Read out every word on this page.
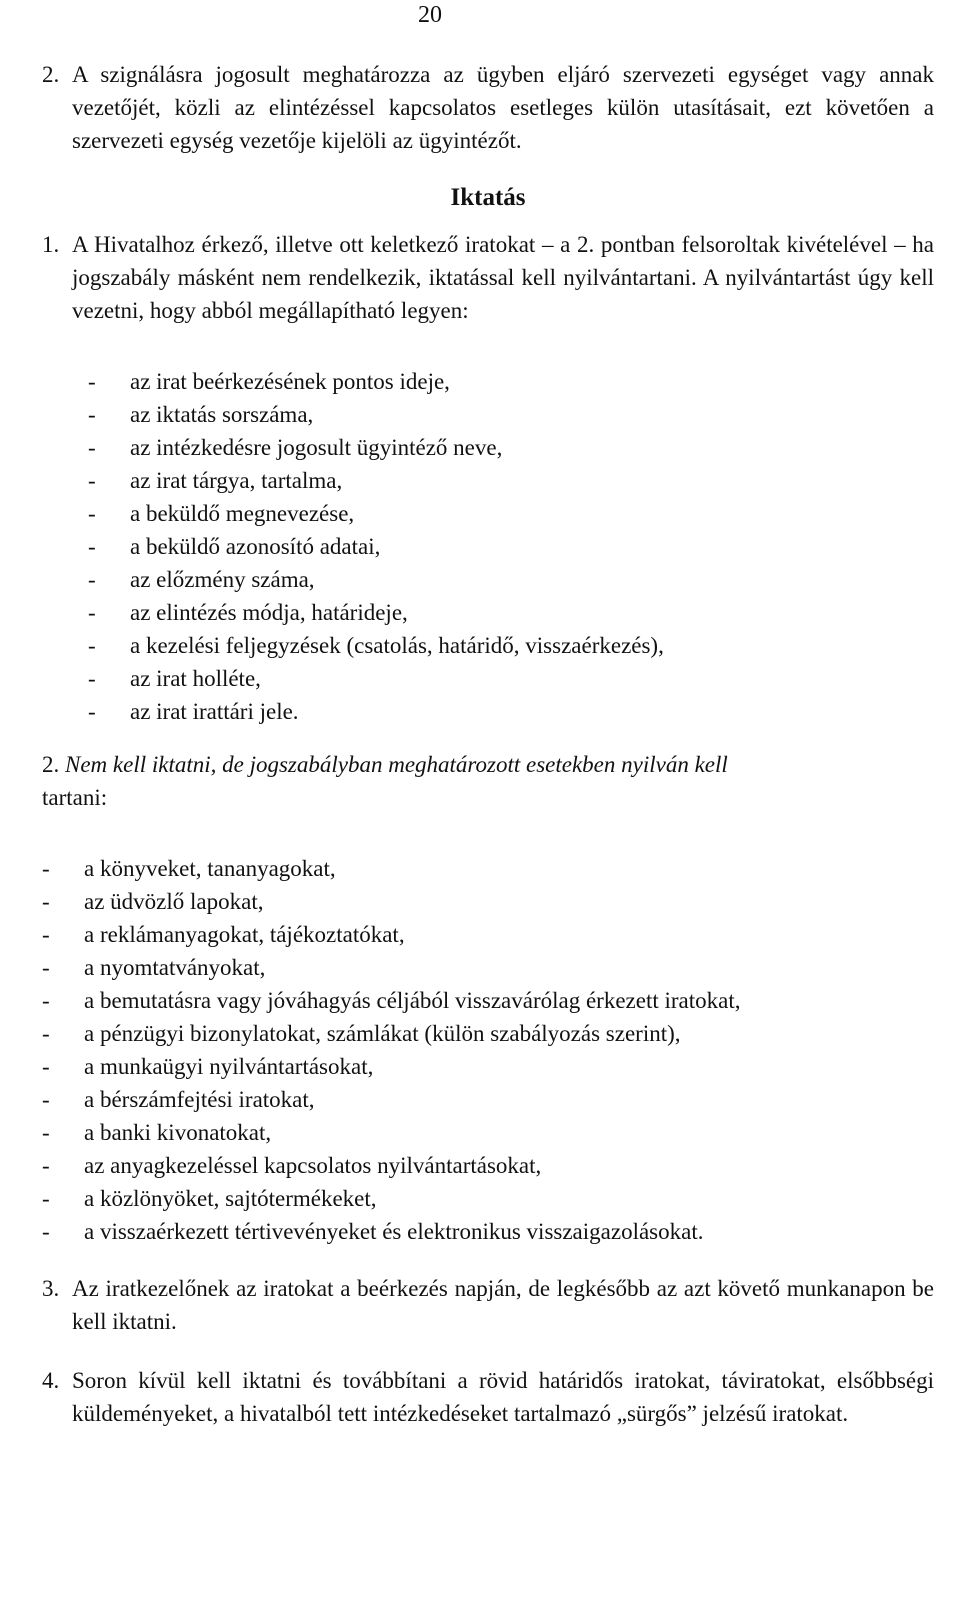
20
2. A szignálásra jogosult meghatározza az ügyben eljáró szervezeti egységet vagy annak vezetőjét, közli az elintézéssel kapcsolatos esetleges külön utasításait, ezt követően a szervezeti egység vezetője kijelöli az ügyintézőt.
Iktatás
1. A Hivatalhoz érkező, illetve ott keletkező iratokat – a 2. pontban felsoroltak kivételével – ha jogszabály másként nem rendelkezik, iktatással kell nyilvántartani. A nyilvántartást úgy kell vezetni, hogy abból megállapítható legyen:
-	az irat beérkezésének pontos ideje,
-	az iktatás sorszáma,
-	az intézkedésre jogosult ügyintéző neve,
-	az irat tárgya, tartalma,
-	a beküldő megnevezése,
-	a beküldő azonosító adatai,
-	az előzmény száma,
-	az elintézés módja, határideje,
-	a kezelési feljegyzések (csatolás, határidő, visszaérkezés),
-	az irat holléte,
-	az irat irattári jele.
2. Nem kell iktatni, de jogszabályban meghatározott esetekben nyilván kell
tartani:
-	a könyveket, tananyagokat,
-	az üdvözlő lapokat,
-	a reklámanyagokat, tájékoztatókat,
-	a nyomtatványokat,
-	a bemutatásra vagy jóváhagyás céljából visszavárólag érkezett iratokat,
-	a pénzügyi bizonylatokat, számlákat (külön szabályozás szerint),
-	a munkaügyi nyilvántartásokat,
-	a bérszámfejtési iratokat,
-	a banki kivonatokat,
-	az anyagkezeléssel kapcsolatos nyilvántartásokat,
-	a közlönyöket, sajtótermékeket,
-	a visszaérkezett tértivevényeket és elektronikus visszaigazolásokat.
3. Az iratkezelőnek az iratokat a beérkezés napján, de legkésőbb az azt követő munkanapon be kell iktatni.
4. Soron kívül kell iktatni és továbbítani a rövid határidős iratokat, táviratokat, elsőbbségi küldeményeket, a hivatalból tett intézkedéseket tartalmazó „sürgős” jelzésű iratokat.
